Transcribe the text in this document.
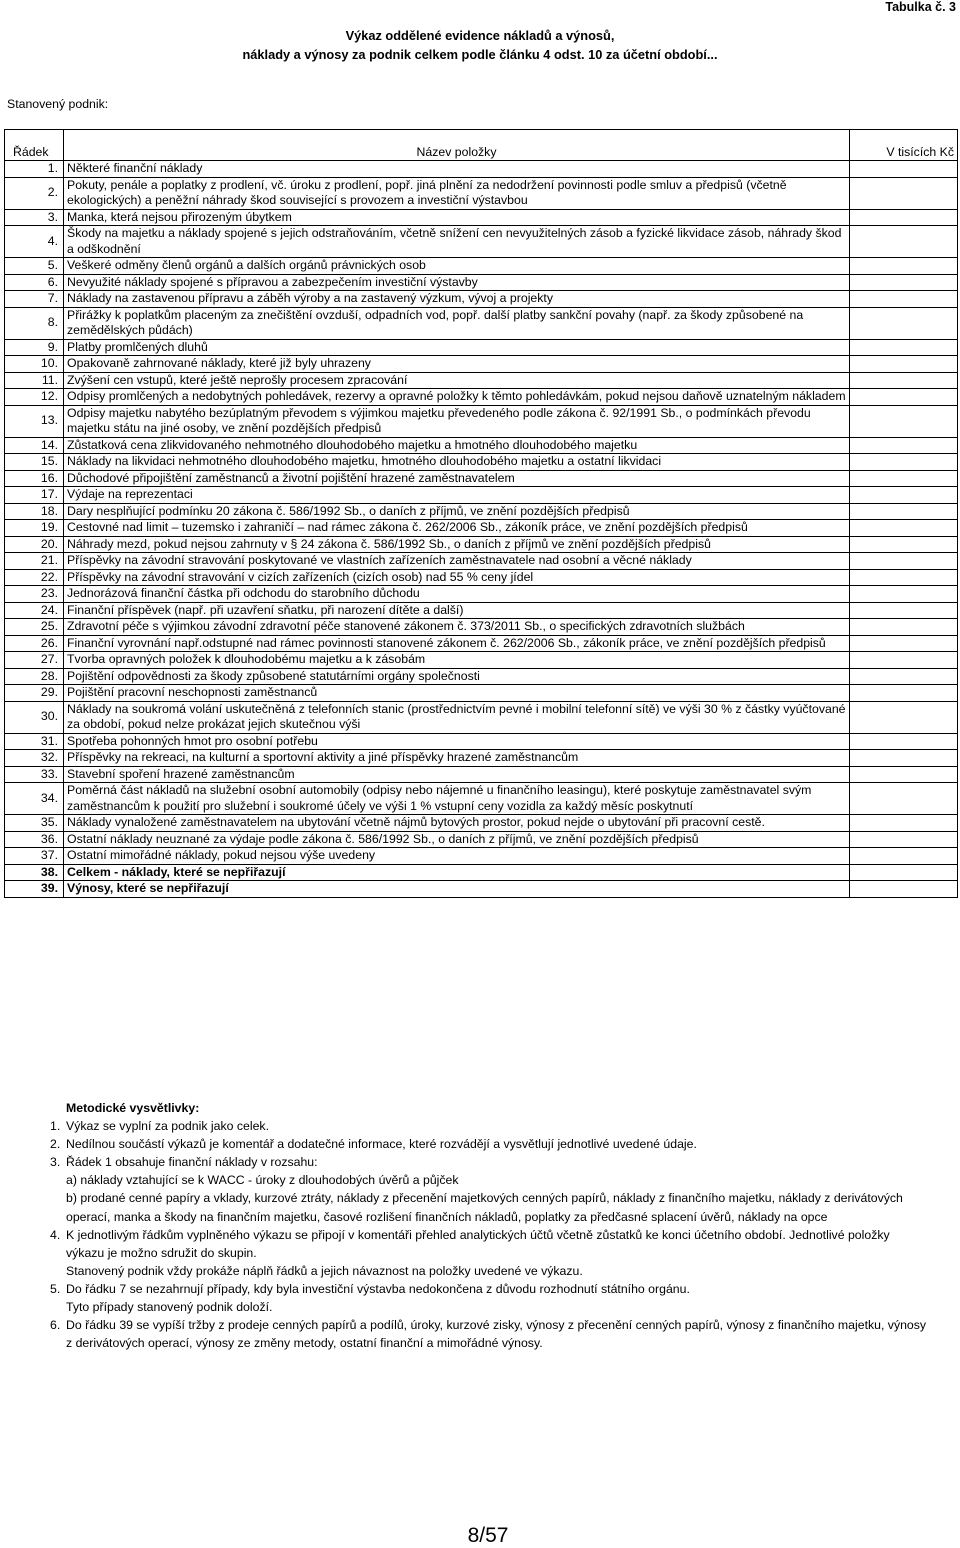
Tabulka č. 3
Výkaz oddělené evidence nákladů a výnosů,
náklady a výnosy za podnik celkem podle článku 4 odst. 10 za účetní období...
Stanovený podnik:
Řádek	Název položky	V tisících Kč
1.	Některé finanční náklady	
2.	Pokuty, penále a poplatky z prodlení, vč. úroku z prodlení, popř. jiná plnění za nedodržení povinnosti podle smluv a předpisů (včetně ekologických) a peněžní náhrady škod související s provozem a investiční výstavbou	
3.	Manka, která nejsou přirozeným úbytkem	
4.	Škody na majetku a náklady spojené s jejich odstraňováním, včetně snížení cen nevyužitelných zásob a fyzické likvidace zásob, náhrady škod a odškodnění	
5.	Veškeré odměny členů orgánů a dalších orgánů právnických osob	
6.	Nevyužité náklady spojené s přípravou a zabezpečením investiční výstavby	
7.	Náklady na zastavenou přípravu a záběh výroby a na zastavený výzkum, vývoj a projekty	
8.	Přirážky k poplatkům placeným za znečištění ovzduší, odpadních vod, popř. další platby sankční povahy (např. za škody způsobené na zemědělských půdách)	
9.	Platby promlčených dluhů	
10.	Opakovaně zahrnované náklady, které již byly uhrazeny	
11.	Zvýšení cen vstupů, které ještě neprošly procesem zpracování	
12.	Odpisy promlčených a nedobytných pohledávek, rezervy a opravné položky k těmto pohledávkám, pokud nejsou daňově uznatelným nákladem	
13.	Odpisy majetku nabytého bezúplatným převodem s výjimkou majetku převedeného podle zákona č. 92/1991 Sb., o podmínkách převodu majetku státu na jiné osoby, ve znění pozdějších předpisů	
14.	Zůstatková cena zlikvidovaného nehmotného dlouhodobého majetku a hmotného dlouhodobého majetku	
15.	Náklady na likvidaci nehmotného dlouhodobého majetku, hmotného dlouhodobého majetku a ostatní likvidaci	
16.	Důchodové připojištění zaměstnanců a životní pojištění hrazené zaměstnavatelem	
17.	Výdaje na reprezentaci	
18.	Dary nesplňující podmínku 20 zákona č. 586/1992 Sb., o daních z příjmů, ve znění pozdějších předpisů	
19.	Cestovné nad limit – tuzemsko i zahraničí – nad rámec zákona č. 262/2006 Sb., zákoník práce, ve znění pozdějších předpisů	
20.	Náhrady mezd, pokud nejsou zahrnuty v § 24 zákona č. 586/1992 Sb., o daních z příjmů ve znění pozdějších předpisů	
21.	Příspěvky na závodní stravování poskytované ve vlastních zařízeních zaměstnavatele nad osobní a věcné náklady	
22.	Příspěvky na závodní stravování v cizích zařízeních (cizích osob) nad 55 % ceny jídel	
23.	Jednorázová finanční částka při odchodu do starobního důchodu	
24.	Finanční příspěvek (např. při uzavření sňatku, při narození dítěte a další)	
25.	Zdravotní péče s výjimkou závodní zdravotní péče stanovené zákonem č. 373/2011 Sb., o specifických zdravotních službách	
26.	Finanční vyrovnání např.odstupné nad rámec povinnosti stanovené zákonem č. 262/2006 Sb., zákoník práce, ve znění pozdějších předpisů	
27.	Tvorba opravných položek k dlouhodobému majetku a k zásobám	
28.	Pojištění odpovědnosti za škody způsobené statutárními orgány společnosti	
29.	Pojištění pracovní neschopnosti zaměstnanců	
30.	Náklady na soukromá volání uskutečněná z telefonních stanic (prostřednictvím pevné i mobilní telefonní sítě) ve výši 30 % z částky vyúčtované za období, pokud nelze prokázat jejich skutečnou výši	
31.	Spotřeba pohonných hmot pro osobní potřebu	
32.	Příspěvky na rekreaci, na kulturní a sportovní aktivity a jiné příspěvky hrazené zaměstnancům	
33.	Stavební spoření hrazené zaměstnancům	
34.	Poměrná část nákladů na služební osobní automobily (odpisy nebo nájemné u finančního leasingu), které poskytuje zaměstnavatel svým zaměstnancům k použití pro služební i soukromé účely ve výši 1 % vstupní ceny vozidla za každý měsíc poskytnutí	
35.	Náklady vynaložené zaměstnavatelem na ubytování včetně nájmů bytových prostor, pokud nejde o ubytování při pracovní cestě.	
36.	Ostatní náklady neuznané za výdaje podle zákona č. 586/1992 Sb., o daních z příjmů, ve znění pozdějších předpisů	
37.	Ostatní mimořádné náklady, pokud nejsou výše uvedeny	
38.	Celkem - náklady, které se nepřiřazují	
39.	Výnosy, které se nepřiřazují	
Metodické vysvětlivky:
1. Výkaz se vyplní za podnik jako celek.
2. Nedílnou součástí výkazů je komentář a dodatečné informace, které rozvádějí a vysvětlují jednotlivé uvedené údaje.
3. Řádek 1 obsahuje finanční náklady v rozsahu:
a) náklady vztahující se k WACC - úroky z dlouhodobých úvěrů a půjček
b) prodané cenné papíry a vklady, kurzové ztráty, náklady z přecenění majetkových cenných papírů, náklady z finančního majetku, náklady z derivátových operací, manka a škody na finančním majetku, časové rozlišení finančních nákladů, poplatky za předčasné splacení úvěrů, náklady na opce
4. K jednotlivým řádkům vyplněného výkazu se připojí v komentáři přehled analytických účtů včetně zůstatků ke konci účetního období. Jednotlivé položky výkazu je možno sdružit do skupin.
Stanovený podnik vždy prokáže náplň řádků a jejich návaznost na položky uvedené ve výkazu.
5. Do řádku 7 se nezahrnují případy, kdy byla investiční výstavba nedokončena z důvodu rozhodnutí státního orgánu.
Tyto případy stanovený podnik doloží.
6. Do řádku 39 se vypíší tržby z prodeje cenných papírů a podílů, úroky, kurzové zisky, výnosy z přecenění cenných papírů, výnosy z finančního majetku, výnosy z derivátových operací, výnosy ze změny metody, ostatní finanční a mimořádné výnosy.
8/57
